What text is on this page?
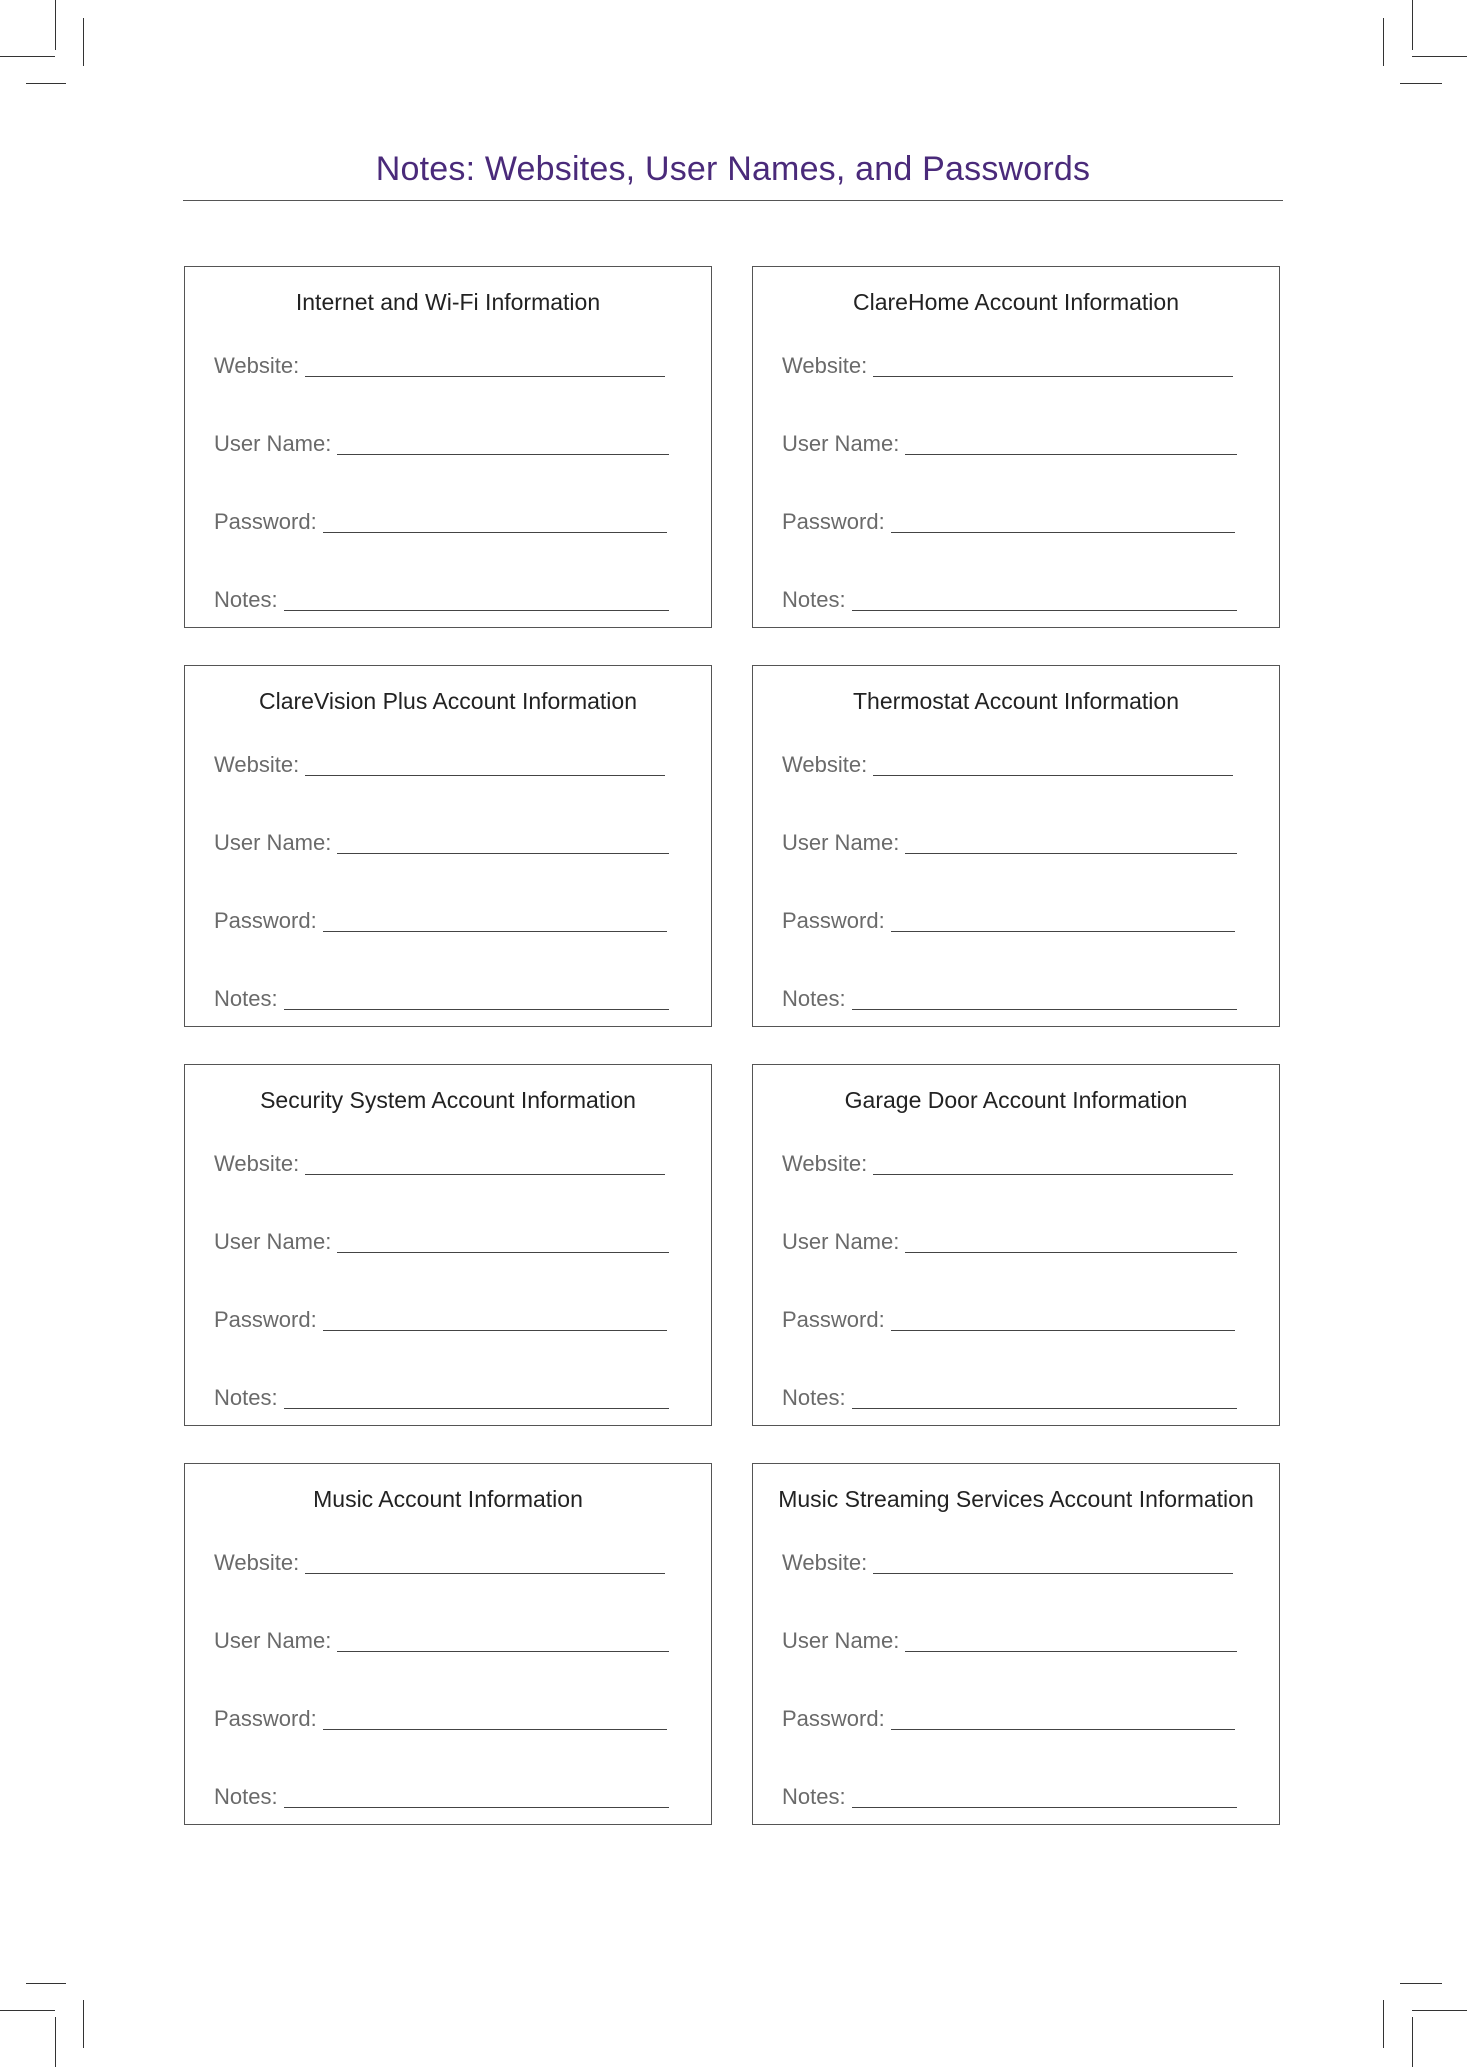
Notes: Websites, User Names, and Passwords
Internet and Wi-Fi Information
Website:
User Name:
Password:
Notes:
ClareHome Account Information
Website:
User Name:
Password:
Notes:
ClareVision Plus Account Information
Website:
User Name:
Password:
Notes:
Thermostat Account Information
Website:
User Name:
Password:
Notes:
Security System Account Information
Website:
User Name:
Password:
Notes:
Garage Door Account Information
Website:
User Name:
Password:
Notes:
Music Account Information
Website:
User Name:
Password:
Notes:
Music Streaming Services Account Information
Website:
User Name:
Password:
Notes:
